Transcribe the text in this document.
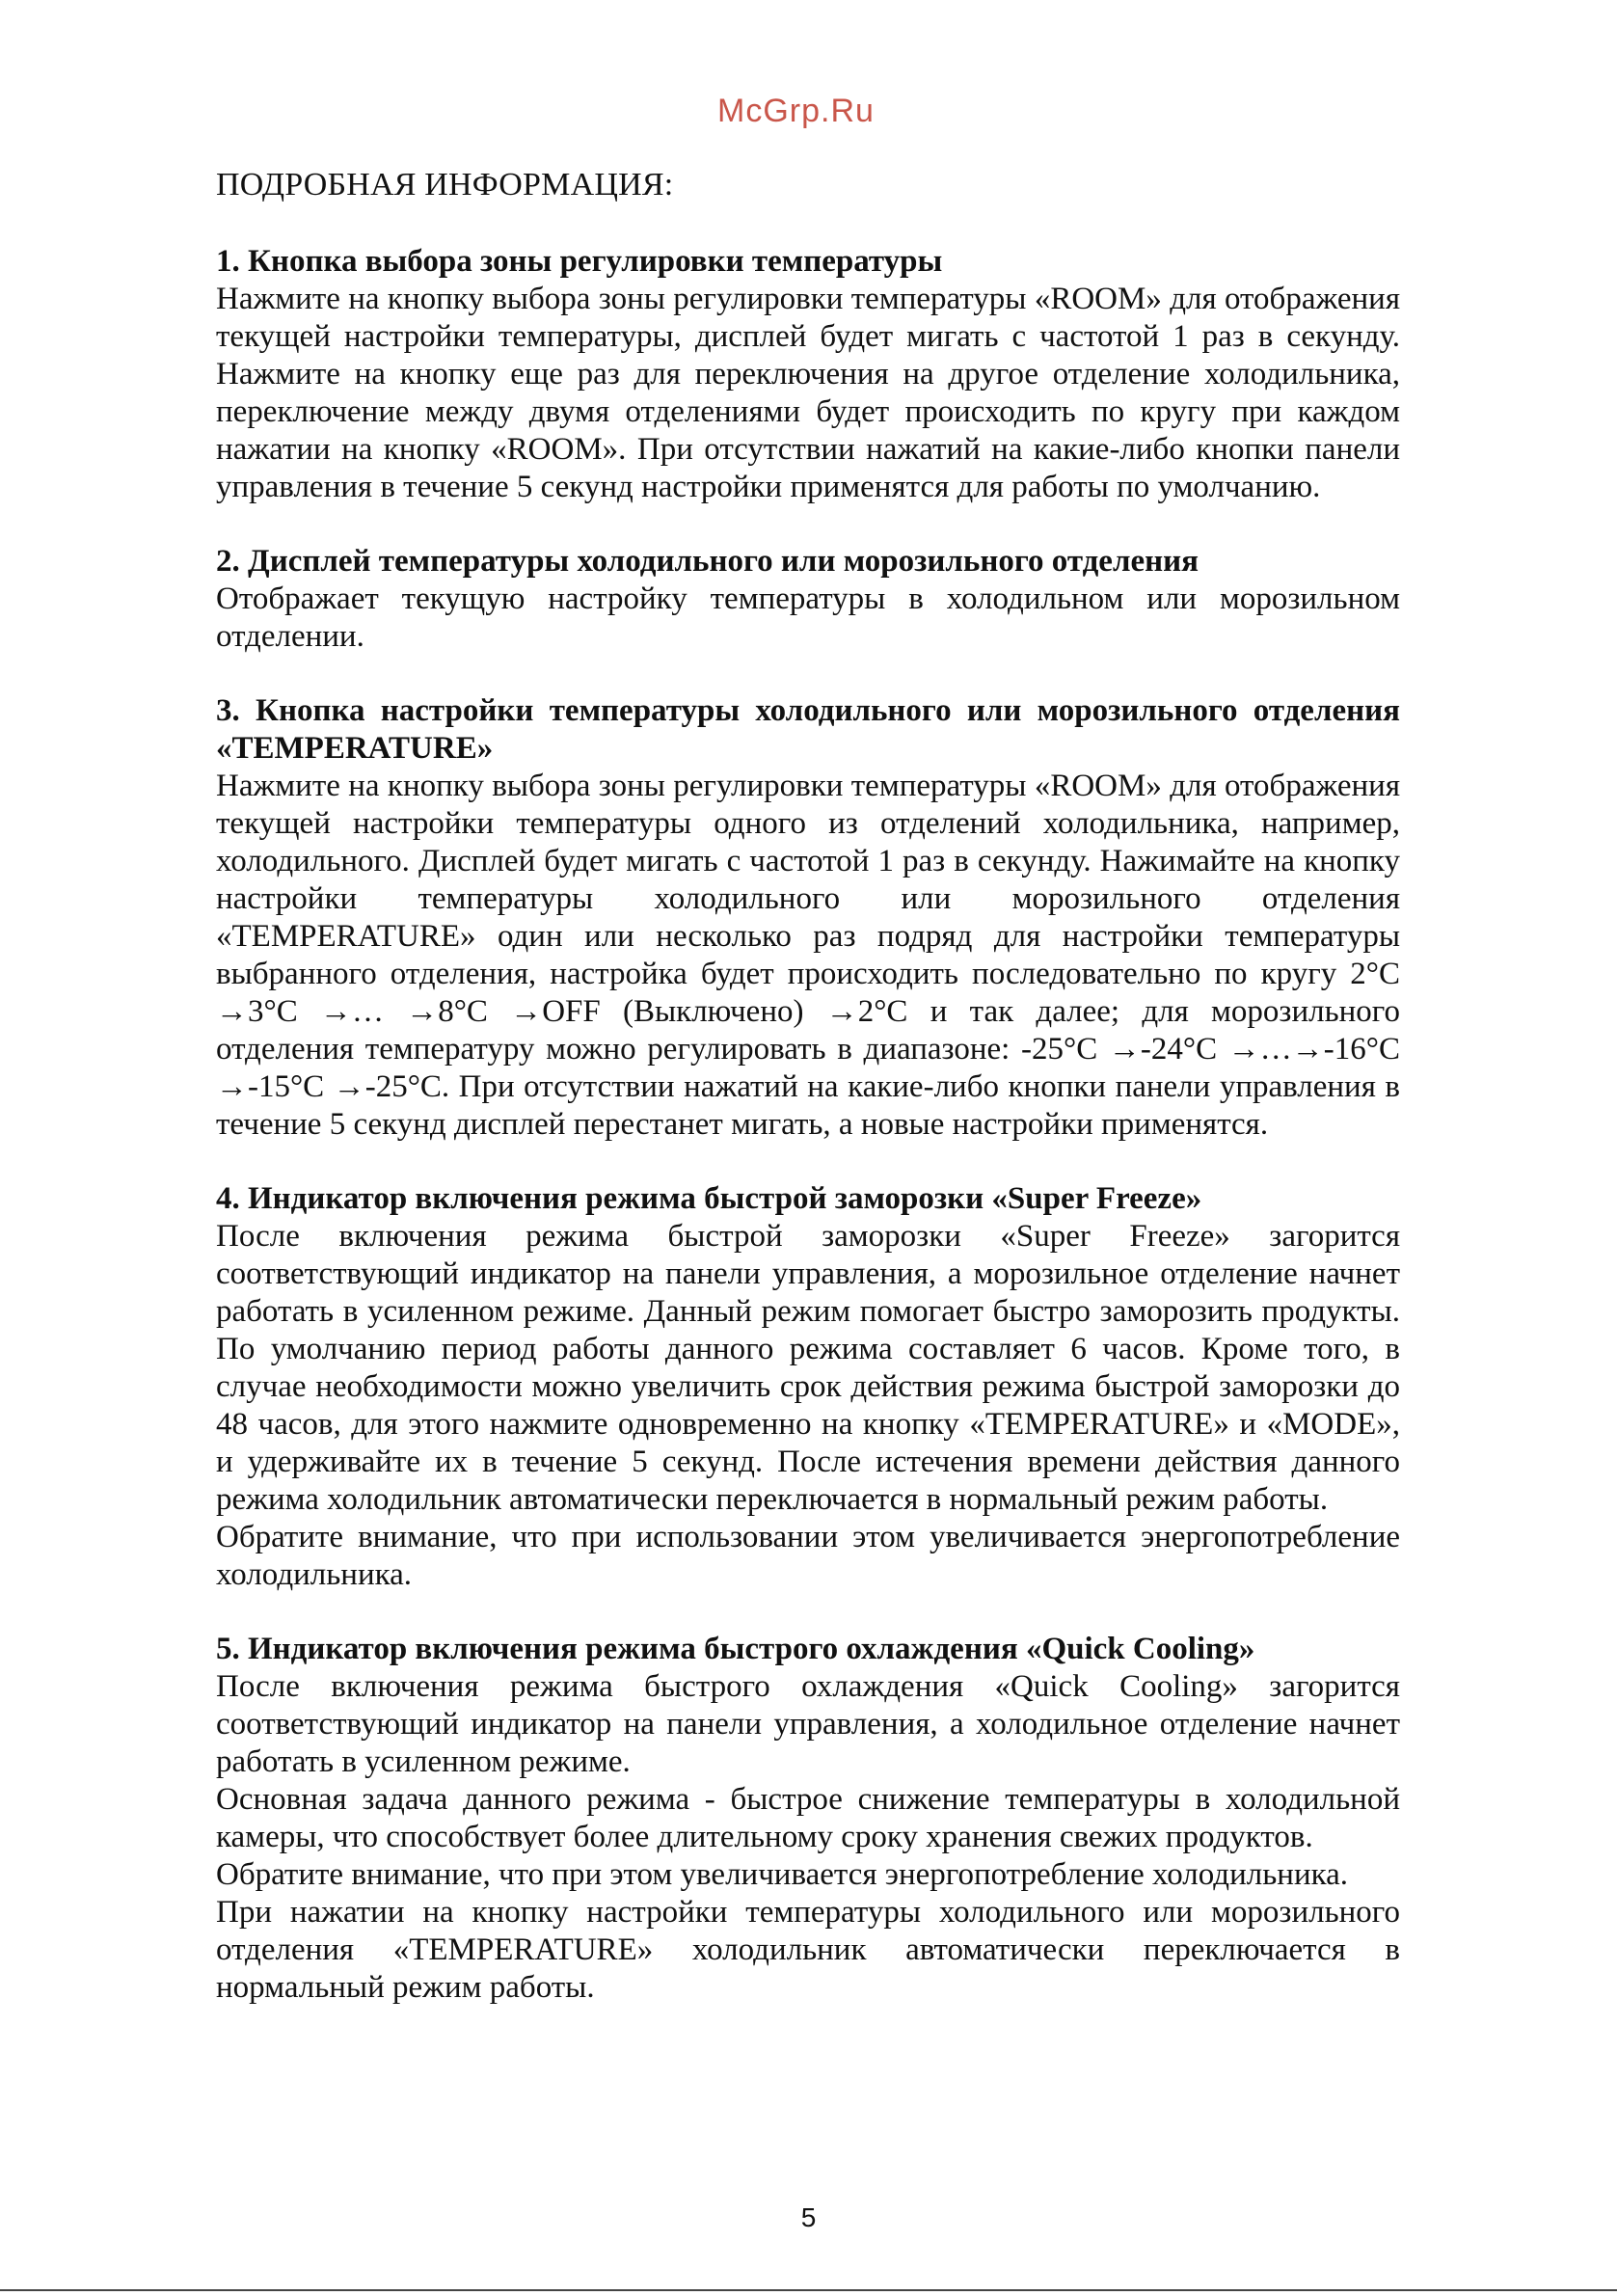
McGrp.Ru
ПОДРОБНАЯ ИНФОРМАЦИЯ:
1. Кнопка выбора зоны регулировки температуры

Нажмите на кнопку выбора зоны регулировки температуры «ROOM» для отображения текущей настройки температуры, дисплей будет мигать с частотой 1 раз в секунду. Нажмите на кнопку еще раз для переключения на другое отделение холодильника, переключение между двумя отделениями будет происходить по кругу при каждом нажатии на кнопку «ROOM». При отсутствии нажатий на какие-либо кнопки панели управления в течение 5 секунд настройки применятся для работы по умолчанию.

2. Дисплей температуры холодильного или морозильного отделения

Отображает текущую настройку температуры в холодильном или морозильном отделении.

3. Кнопка настройки температуры холодильного или морозильного отделения «TEMPERATURE»

Нажмите на кнопку выбора зоны регулировки температуры «ROOM» для отображения текущей настройки температуры одного из отделений холодильника, например, холодильного. Дисплей будет мигать с частотой 1 раз в секунду. Нажимайте на кнопку настройки температуры холодильного или морозильного отделения «TEMPERATURE» один или несколько раз подряд для настройки температуры выбранного отделения, настройка будет происходить последовательно по кругу 2°C →3°C →… →8°C →OFF (Выключено) →2°C и так далее; для морозильного отделения температуру можно регулировать в диапазоне: -25°C →-24°C →…→-16°C →-15°C →-25°C. При отсутствии нажатий на какие-либо кнопки панели управления в течение 5 секунд дисплей перестанет мигать, а новые настройки применятся.

4. Индикатор включения режима быстрой заморозки «Super Freeze»

После включения режима быстрой заморозки «Super Freeze» загорится соответствующий индикатор на панели управления, а морозильное отделение начнет работать в усиленном режиме. Данный режим помогает быстро заморозить продукты. По умолчанию период работы данного режима составляет 6 часов. Кроме того, в случае необходимости можно увеличить срок действия режима быстрой заморозки до 48 часов, для этого нажмите одновременно на кнопку «TEMPERATURE» и «MODE», и удерживайте их в течение 5 секунд. После истечения времени действия данного режима холодильник автоматически переключается в нормальный режим работы.

Обратите внимание, что при использовании этом увеличивается энергопотребление холодильника.

5. Индикатор включения режима быстрого охлаждения «Quick Cooling»

После включения режима быстрого охлаждения «Quick Cooling» загорится соответствующий индикатор на панели управления, а холодильное отделение начнет работать в усиленном режиме.

Основная задача данного режима - быстрое снижение температуры в холодильной камеры, что способствует более длительному сроку хранения свежих продуктов.

Обратите внимание, что при этом увеличивается энергопотребление холодильника.

При нажатии на кнопку настройки температуры холодильного или морозильного отделения «TEMPERATURE» холодильник автоматически переключается в нормальный режим работы.

5
